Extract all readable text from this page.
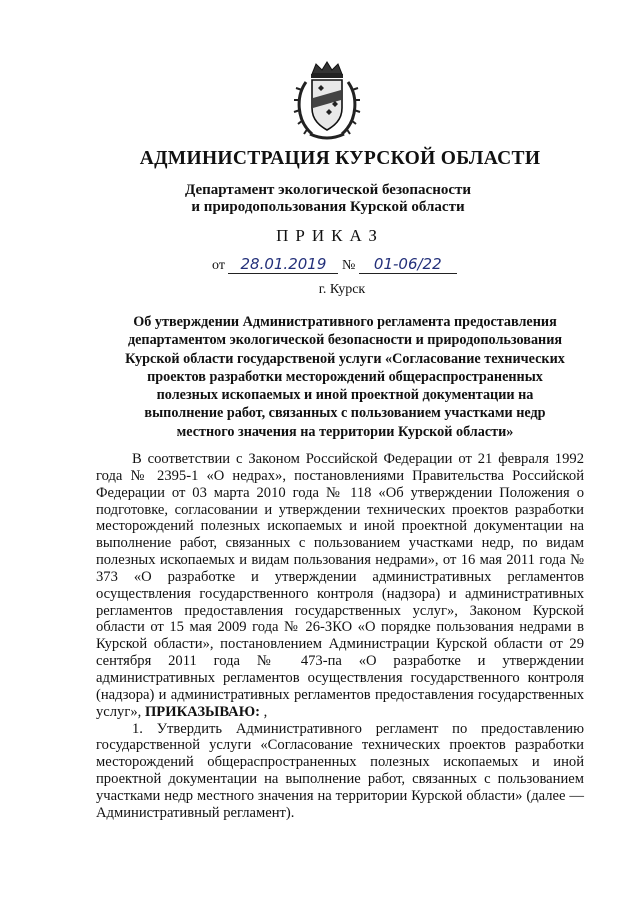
АДМИНИСТРАЦИЯ КУРСКОЙ ОБЛАСТИ
Департамент экологической безопасности
и природопользования Курской области
ПРИКАЗ
от 28.01.2019 № 01-06/22
г. Курск
Об утверждении Административного регламента предоставления
департаментом экологической безопасности и природопользования
Курской области государственой услуги «Согласование технических
проектов разработки месторождений общераспространенных
полезных ископаемых и иной проектной документации на
выполнение работ, связанных с пользованием участками недр
местного значения на территории Курской области»

В соответствии с Законом Российской Федерации от 21 февраля 1992 года № 2395-1 «О недрах», постановлениями Правительства Российской Федерации от 03 марта 2010 года № 118 «Об утверждении Положения о подготовке, согласовании и утверждении технических проектов разработки месторождений полезных ископаемых и иной проектной документации на выполнение работ, связанных с пользованием участками недр, по видам полезных ископаемых и видам пользования недрами», от 16 мая 2011 года № 373 «О разработке и утверждении административных регламентов осуществления государственного контроля (надзора) и административных регламентов предоставления государственных услуг», Законом Курской области от 15 мая 2009 года № 26-ЗКО «О порядке пользования недрами в Курской области», постановлением Администрации Курской области от 29 сентября 2011 года № 473-па «О разработке и утверждении административных регламентов осуществления государственного контроля (надзора) и административных регламентов предоставления государственных услуг», ПРИКАЗЫВАЮ: ,

1. Утвердить Административного регламент по предоставлению государственной услуги «Согласование технических проектов разработки месторождений общераспространенных полезных ископаемых и иной проектной документации на выполнение работ, связанных с пользованием участками недр местного значения на территории Курской области» (далее — Административный регламент).
